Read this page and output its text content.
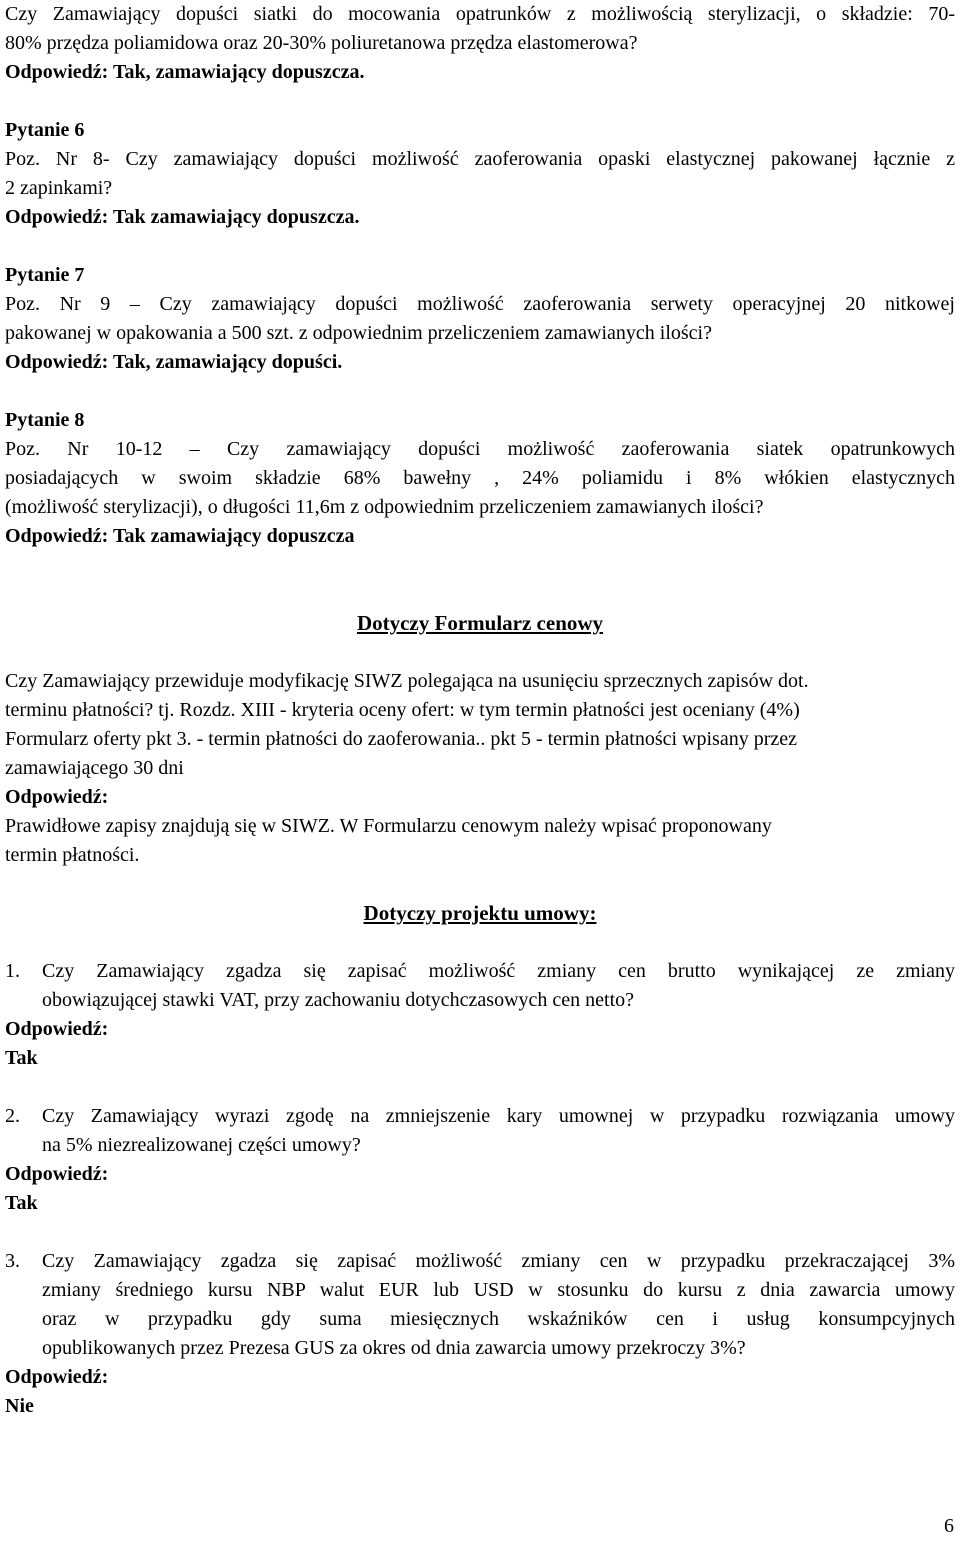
Czy Zamawiający dopuści siatki do mocowania opatrunków z możliwością sterylizacji, o składzie: 70-
80% przędza poliamidowa oraz 20-30% poliuretanowa przędza elastomerowa?
Odpowiedź: Tak, zamawiający dopuszcza.
Pytanie 6
Poz. Nr 8- Czy zamawiający dopuści możliwość zaoferowania opaski elastycznej pakowanej łącznie z
2 zapinkami?
Odpowiedź: Tak zamawiający dopuszcza.
Pytanie 7
Poz. Nr 9 – Czy zamawiający dopuści możliwość zaoferowania serwety operacyjnej 20 nitkowej
pakowanej w opakowania a 500 szt. z odpowiednim przeliczeniem zamawianych ilości?
Odpowiedź: Tak, zamawiający dopuści.
Pytanie 8
Poz. Nr 10-12 – Czy zamawiający dopuści możliwość zaoferowania siatek opatrunkowych
posiadających w swoim składzie 68% bawełny , 24% poliamidu i 8% włókien elastycznych
(możliwość sterylizacji), o długości 11,6m z odpowiednim przeliczeniem zamawianych ilości?
Odpowiedź: Tak zamawiający dopuszcza
Dotyczy Formularz cenowy
Czy Zamawiający przewiduje modyfikację SIWZ polegająca na usunięciu sprzecznych zapisów dot.
terminu płatności? tj. Rozdz. XIII - kryteria oceny ofert: w tym termin płatności jest oceniany (4%)
Formularz oferty pkt 3. - termin płatności do zaoferowania.. pkt 5 - termin płatności wpisany przez
zamawiającego 30 dni
Odpowiedź:
Prawidłowe zapisy znajdują się w SIWZ. W Formularzu cenowym należy wpisać proponowany
termin płatności.
Dotyczy projektu umowy:
1. Czy Zamawiający zgadza się zapisać możliwość zmiany cen brutto wynikającej ze zmiany
obowiązującej stawki VAT, przy zachowaniu dotychczasowych cen netto?
Odpowiedź:
Tak
2. Czy Zamawiający wyrazi zgodę na zmniejszenie kary umownej w przypadku rozwiązania umowy
na 5% niezrealizowanej części umowy?
Odpowiedź:
Tak
3. Czy Zamawiający zgadza się zapisać możliwość zmiany cen w przypadku przekraczającej 3%
zmiany średniego kursu NBP walut EUR lub USD w stosunku do kursu z dnia zawarcia umowy
oraz w przypadku gdy suma miesięcznych wskaźników cen i usług konsumpcyjnych
opublikowanych przez Prezesa GUS za okres od dnia zawarcia umowy przekroczy 3%?
Odpowiedź:
Nie
6
